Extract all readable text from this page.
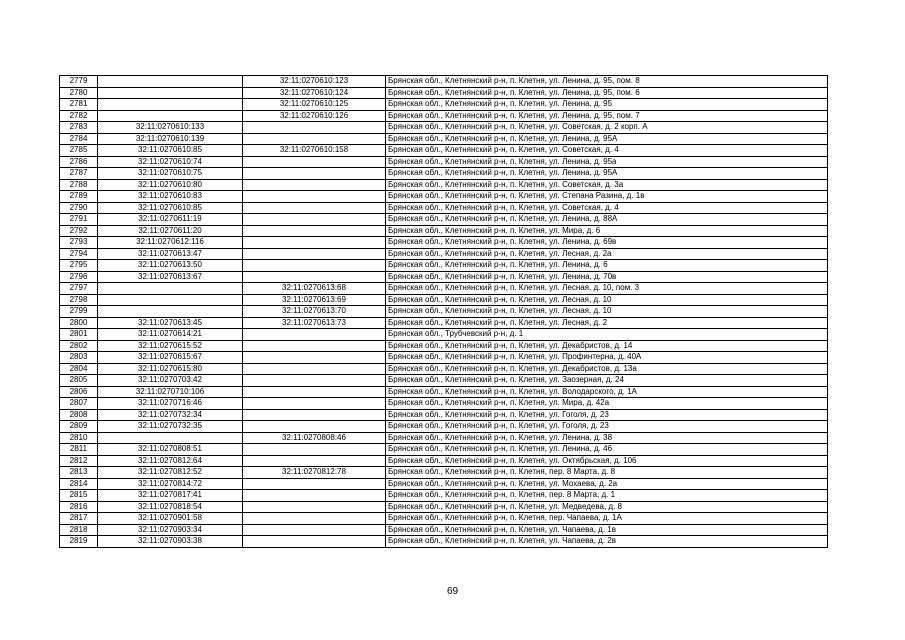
2779		32:11:0270610:123	Брянская обл., Клетнянский р-н, п. Клетня, ул. Ленина, д. 95, пом. 8
2780		32:11:0270610:124	Брянская обл., Клетнянский р-н, п. Клетня, ул. Ленина, д. 95, пом. 6
2781		32:11:0270610:125	Брянская обл., Клетнянский р-н, п. Клетня, ул. Ленина, д. 95
2782		32:11:0270610:126	Брянская обл., Клетнянский р-н, п. Клетня, ул. Ленина, д. 95, пом. 7
2783	32:11:0270610:133		Брянская обл., Клетнянский р-н, п. Клетня, ул. Советская, д. 2 корп. А
2784	32:11:0270610:139		Брянская обл., Клетнянский р-н, п. Клетня, ул. Ленина, д. 95А
2785	32:11:0270610:85	32:11:0270610:158	Брянская обл., Клетнянский р-н, п. Клетня, ул. Советская, д. 4
2786	32:11:0270610:74		Брянская обл., Клетнянский р-н, п. Клетня, ул. Ленина, д. 95а
2787	32:11:0270610:75		Брянская обл., Клетнянский р-н, п. Клетня, ул. Ленина, д. 95А
2788	32:11:0270610:80		Брянская обл., Клетнянский р-н, п. Клетня, ул. Советская, д. 3а
2789	32:11:0270610:83		Брянская обл., Клетнянский р-н, п. Клетня, ул. Степана Разина, д. 1в
2790	32:11:0270610:85		Брянская обл., Клетнянский р-н, п. Клетня, ул. Советская, д. 4
2791	32:11:0270611:19		Брянская обл., Клетнянский р-н, п. Клетня, ул. Ленина, д. 88А
2792	32:11:0270611:20		Брянская обл., Клетнянский р-н, п. Клетня, ул. Мира, д. 6
2793	32:11:0270612:116		Брянская обл., Клетнянский р-н, п. Клетня, ул. Ленина, д. 69в
2794	32:11:0270613:47		Брянская обл., Клетнянский р-н, п. Клетня, ул. Лесная, д. 2а
2795	32:11:0270613:50		Брянская обл., Клетнянский р-н, п. Клетня, ул. Ленина, д. 6
2796	32:11:0270613:67		Брянская обл., Клетнянский р-н, п. Клетня, ул. Ленина, д. 70в
2797		32:11:0270613:68	Брянская обл., Клетнянский р-н, п. Клетня, ул. Лесная, д. 10, пом. 3
2798		32:11:0270613:69	Брянская обл., Клетнянский р-н, п. Клетня, ул. Лесная, д. 10
2799		32:11:0270613:70	Брянская обл., Клетнянский р-н, п. Клетня, ул. Лесная, д. 10
2800	32:11:0270613:45	32:11:0270613:73	Брянская обл., Клетнянский р-н, п. Клетня, ул. Лесная, д. 2
2801	32:11:0270614:21		Брянская обл., Трубчевский р-н, д. 1
2802	32:11:0270615:52		Брянская обл., Клетнянский р-н, п. Клетня, ул. Декабристов, д. 14
2803	32:11:0270615:67		Брянская обл., Клетнянский р-н, п. Клетня, ул. Профинтерна, д. 40А
2804	32:11:0270615:80		Брянская обл., Клетнянский р-н, п. Клетня, ул. Декабристов, д. 13а
2805	32:11:0270703:42		Брянская обл., Клетнянский р-н, п. Клетня, ул. Заозерная, д. 24
2806	32:11:0270710:106		Брянская обл., Клетнянский р-н, п. Клетня, ул. Володарского, д. 1А
2807	32:11:0270716:46		Брянская обл., Клетнянский р-н, п. Клетня, ул. Мира, д. 42а
2808	32:11:0270732:34		Брянская обл., Клетнянский р-н, п. Клетня, ул. Гоголя, д. 23
2809	32:11:0270732:35		Брянская обл., Клетнянский р-н, п. Клетня, ул. Гоголя, д. 23
2810		32:11:0270808:46	Брянская обл., Клетнянский р-н, п. Клетня, ул. Ленина, д. 38
2811	32:11:0270808:51		Брянская обл., Клетнянский р-н, п. Клетня, ул. Ленина, д. 46
2812	32:11:0270812:64		Брянская обл., Клетнянский р-н, п. Клетня, ул. Октябрьская, д. 106
2813	32:11:0270812:52	32:11:0270812:78	Брянская обл., Клетнянский р-н, п. Клетня, пер. 8 Марта, д. 8
2814	32:11:0270814:72		Брянская обл., Клетнянский р-н, п. Клетня, ул. Мохаева, д. 2а
2815	32:11:0270817:41		Брянская обл., Клетнянский р-н, п. Клетня, пер. 8 Марта, д. 1
2816	32:11:0270818:54		Брянская обл., Клетнянский р-н, п. Клетня, ул. Медведева, д. 8
2817	32:11:0270901:58		Брянская обл., Клетнянский р-н, п. Клетня, пер. Чапаева, д. 1А
2818	32:11:0270903:34		Брянская обл., Клетнянский р-н, п. Клетня, ул. Чапаева, д. 1в
2819	32:11:0270903:38		Брянская обл., Клетнянский р-н, п. Клетня, ул. Чапаева, д. 2в
69
